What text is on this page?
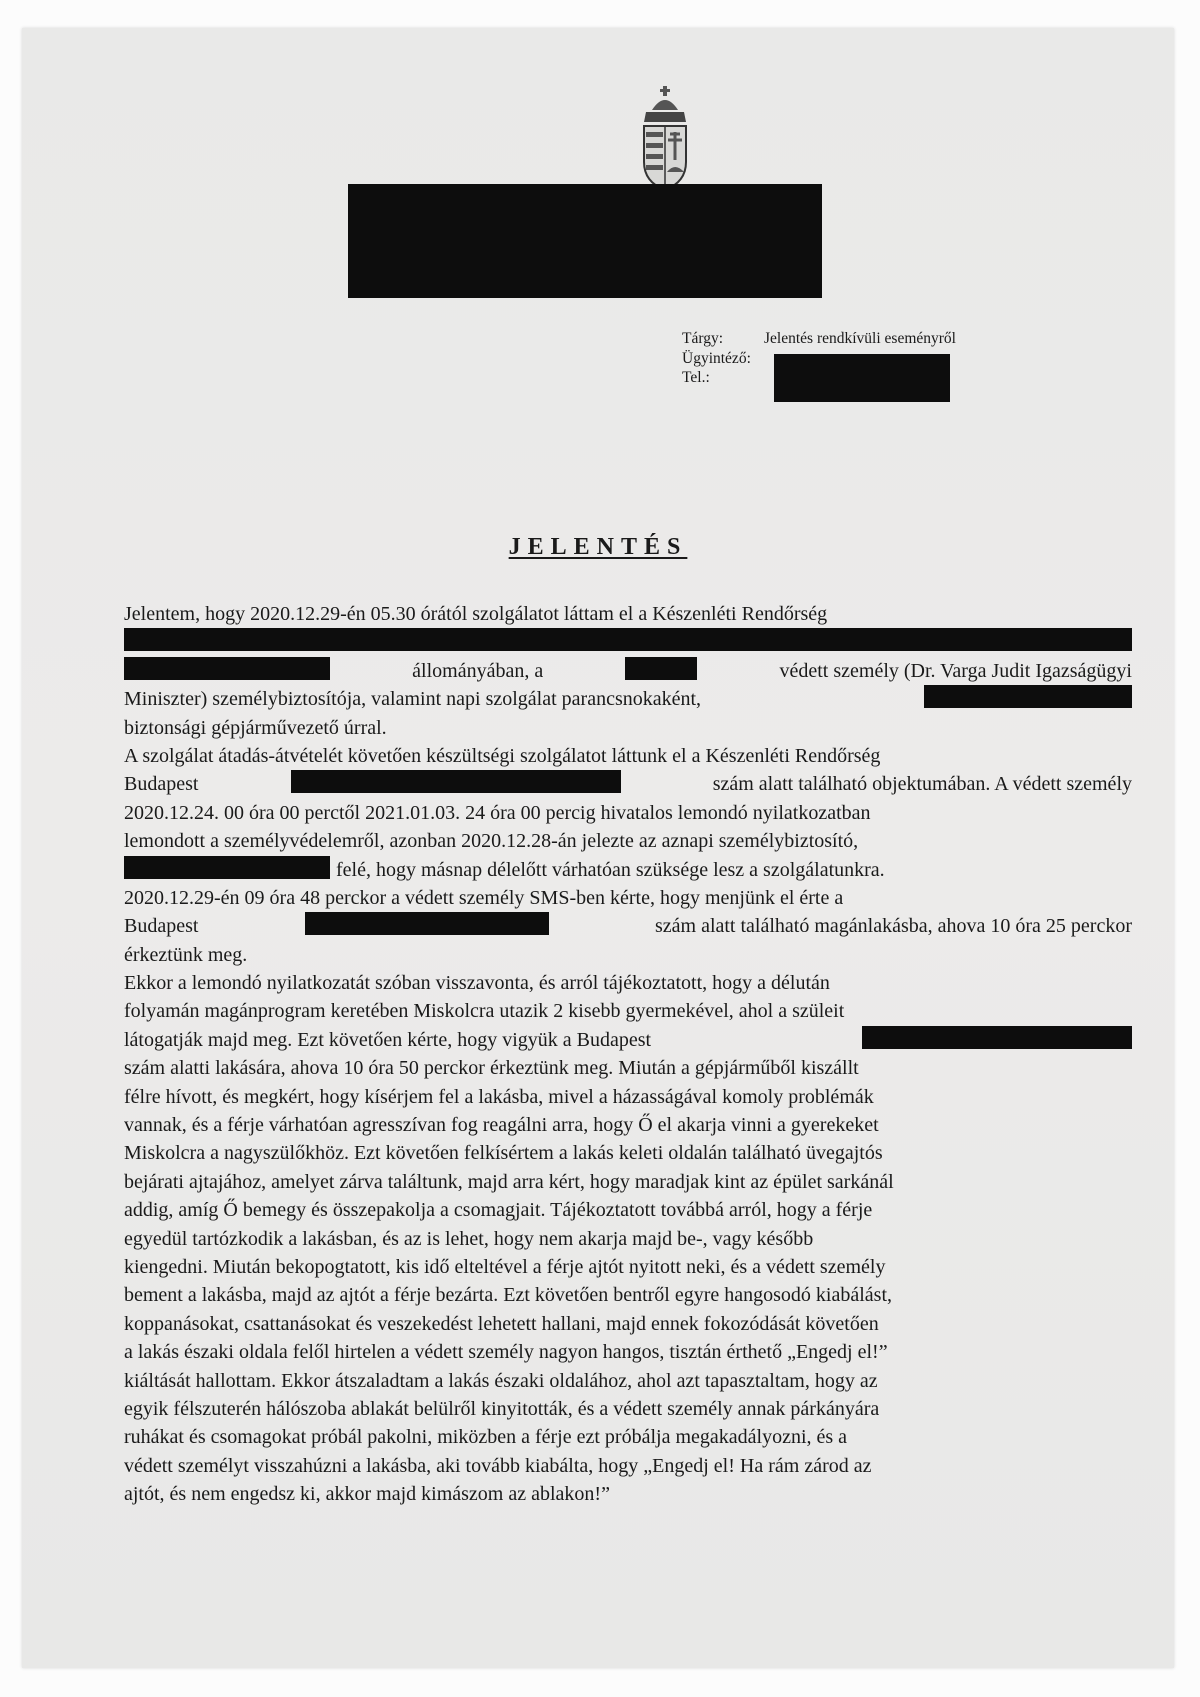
Tárgy:	Jelentés rendkívüli eseményről
Ügyintéző:
Tel.:
JELENTÉS
Jelentem, hogy 2020.12.29-én 05.30 órától szolgálatot láttam el a Készenléti Rendőrség
állományában, a	védett személy (Dr. Varga Judit Igazságügyi
Miniszter) személybiztosítója, valamint napi szolgálat parancsnokaként,
biztonsági gépjárművezető úrral.
A szolgálat átadás-átvételét követően készültségi szolgálatot láttunk el a Készenléti Rendőrség
Budapest	szám alatt található objektumában. A védett személy
2020.12.24. 00 óra 00 perctől 2021.01.03. 24 óra 00 percig hivatalos lemondó nyilatkozatban
lemondott a személyvédelemről, azonban 2020.12.28-án jelezte az aznapi személybiztosító,
felé, hogy másnap délelőtt várhatóan szüksége lesz a szolgálatunkra.
2020.12.29-én 09 óra 48 perckor a védett személy SMS-ben kérte, hogy menjünk el érte a
Budapest	szám alatt található magánlakásba, ahova 10 óra 25 perckor
érkeztünk meg.
Ekkor a lemondó nyilatkozatát szóban visszavonta, és arról tájékoztatott, hogy a délután
folyamán magánprogram keretében Miskolcra utazik 2 kisebb gyermekével, ahol a szüleit
látogatják majd meg. Ezt követően kérte, hogy vigyük a Budapest
szám alatti lakására, ahova 10 óra 50 perckor érkeztünk meg. Miután a gépjárműből kiszállt
félre hívott, és megkért, hogy kísérjem fel a lakásba, mivel a házasságával komoly problémák
vannak, és a férje várhatóan agresszívan fog reagálni arra, hogy Ő el akarja vinni a gyerekeket
Miskolcra a nagyszülőkhöz. Ezt követően felkísértem a lakás keleti oldalán található üvegajtós
bejárati ajtajához, amelyet zárva találtunk, majd arra kért, hogy maradjak kint az épület sarkánál
addig, amíg Ő bemegy és összepakolja a csomagjait. Tájékoztatott továbbá arról, hogy a férje
egyedül tartózkodik a lakásban, és az is lehet, hogy nem akarja majd be-, vagy később
kiengedni. Miután bekopogtatott, kis idő elteltével a férje ajtót nyitott neki, és a védett személy
bement a lakásba, majd az ajtót a férje bezárta. Ezt követően bentről egyre hangosodó kiabálást,
koppanásokat, csattanásokat és veszekedést lehetett hallani, majd ennek fokozódását követően
a lakás északi oldala felől hirtelen a védett személy nagyon hangos, tisztán érthető „Engedj el!”
kiáltását hallottam. Ekkor átszaladtam a lakás északi oldalához, ahol azt tapasztaltam, hogy az
egyik félszuterén hálószoba ablakát belülről kinyitották, és a védett személy annak párkányára
ruhákat és csomagokat próbál pakolni, miközben a férje ezt próbálja megakadályozni, és a
védett személyt visszahúzni a lakásba, aki tovább kiabálta, hogy „Engedj el! Ha rám zárod az
ajtót, és nem engedsz ki, akkor majd kimászom az ablakon!”
